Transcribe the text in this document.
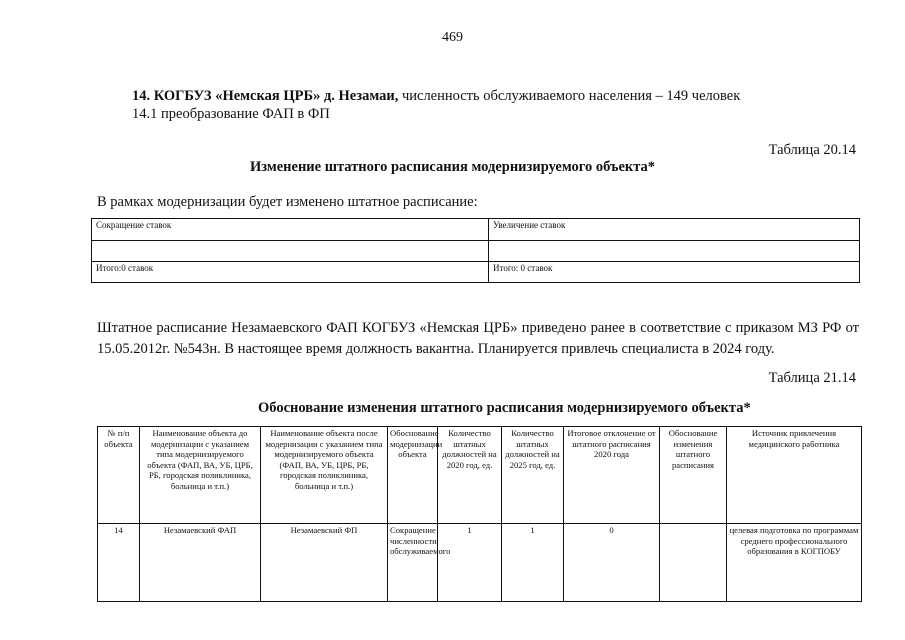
469
14. КОГБУЗ «Немская ЦРБ» д. Незамаи, численность обслуживаемого населения – 149 человек
14.1 преобразование ФАП в ФП
Таблица 20.14
Изменение штатного расписания модернизируемого объекта*
В рамках модернизации будет изменено штатное расписание:
Сокращение ставок	Увеличение ставок

Итого:0 ставок	Итого: 0 ставок
Штатное расписание Незамаевского ФАП КОГБУЗ «Немская ЦРБ» приведено ранее в соответствие с приказом МЗ РФ от 15.05.2012г. №543н. В настоящее время должность вакантна. Планируется привлечь специалиста в 2024 году.
Таблица 21.14
Обоснование изменения штатного расписания модернизируемого объекта*
№ п/п объекта	Наименование объекта до модернизации с указанием типа модернизируемого объекта (ФАП, ВА, УБ, ЦРБ, РБ, городская поликлиника, больница и т.п.)	Наименование объекта после модернизации с указанием типа модернизируемого объекта (ФАП, ВА, УБ, ЦРБ, РБ, городская поликлиника, больница и т.п.)	Обоснование модернизации объекта	Количество штатных должностей на 2020 год, ед.	Количество штатных должностей на 2025 год, ед.	Итоговое отклонение от штатного расписания 2020 года	Обоснование изменения штатного расписания	Источник привлечения медицинского работника
14	Незамаевский ФАП	Незамаевский ФП	Сокращение численности обслуживаемого	1	1	0		целевая подготовка по программам среднего профессионального образования в КОГПОБУ
